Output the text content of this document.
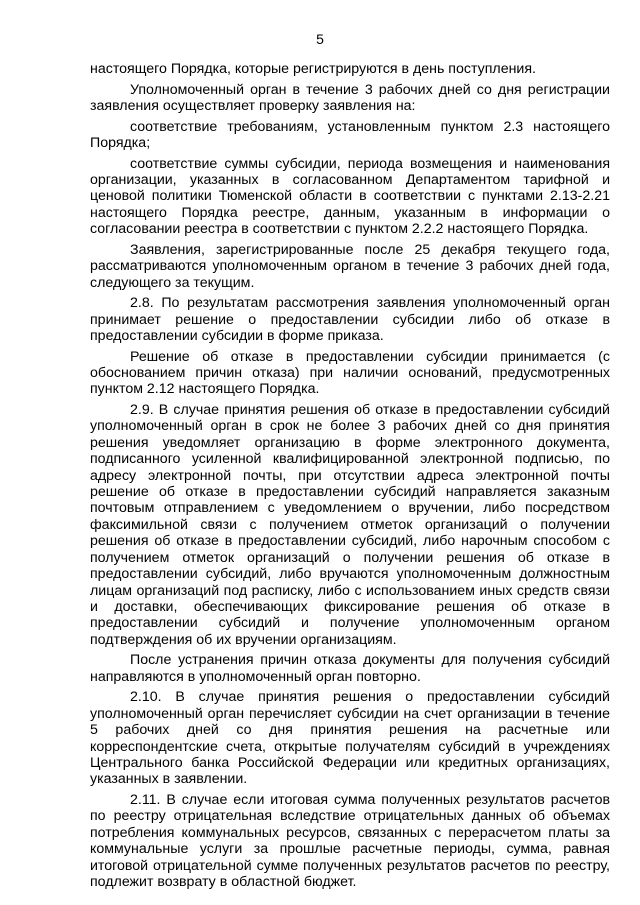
5

настоящего Порядка, которые регистрируются в день поступления.

Уполномоченный орган в течение 3 рабочих дней со дня регистрации заявления осуществляет проверку заявления на:

соответствие требованиям, установленным пунктом 2.3 настоящего Порядка;

соответствие суммы субсидии, периода возмещения и наименования организации, указанных в согласованном Департаментом тарифной и ценовой политики Тюменской области в соответствии с пунктами 2.13-2.21 настоящего Порядка реестре, данным, указанным в информации о согласовании реестра в соответствии с пунктом 2.2.2 настоящего Порядка.

Заявления, зарегистрированные после 25 декабря текущего года, рассматриваются уполномоченным органом в течение 3 рабочих дней года, следующего за текущим.

2.8. По результатам рассмотрения заявления уполномоченный орган принимает решение о предоставлении субсидии либо об отказе в предоставлении субсидии в форме приказа.

Решение об отказе в предоставлении субсидии принимается (с обоснованием причин отказа) при наличии оснований, предусмотренных пунктом 2.12 настоящего Порядка.

2.9. В случае принятия решения об отказе в предоставлении субсидий уполномоченный орган в срок не более 3 рабочих дней со дня принятия решения уведомляет организацию в форме электронного документа, подписанного усиленной квалифицированной электронной подписью, по адресу электронной почты, при отсутствии адреса электронной почты решение об отказе в предоставлении субсидий направляется заказным почтовым отправлением с уведомлением о вручении, либо посредством факсимильной связи с получением отметок организаций о получении решения об отказе в предоставлении субсидий, либо нарочным способом с получением отметок организаций о получении решения об отказе в предоставлении субсидий, либо вручаются уполномоченным должностным лицам организаций под расписку, либо с использованием иных средств связи и доставки, обеспечивающих фиксирование решения об отказе в предоставлении субсидий и получение уполномоченным органом подтверждения об их вручении организациям.

После устранения причин отказа документы для получения субсидий направляются в уполномоченный орган повторно.

2.10. В случае принятия решения о предоставлении субсидий уполномоченный орган перечисляет субсидии на счет организации в течение 5 рабочих дней со дня принятия решения на расчетные или корреспондентские счета, открытые получателям субсидий в учреждениях Центрального банка Российской Федерации или кредитных организациях, указанных в заявлении.

2.11. В случае если итоговая сумма полученных результатов расчетов по реестру отрицательная вследствие отрицательных данных об объемах потребления коммунальных ресурсов, связанных с перерасчетом платы за коммунальные услуги за прошлые расчетные периоды, сумма, равная итоговой отрицательной сумме полученных результатов расчетов по реестру, подлежит возврату в областной бюджет.
